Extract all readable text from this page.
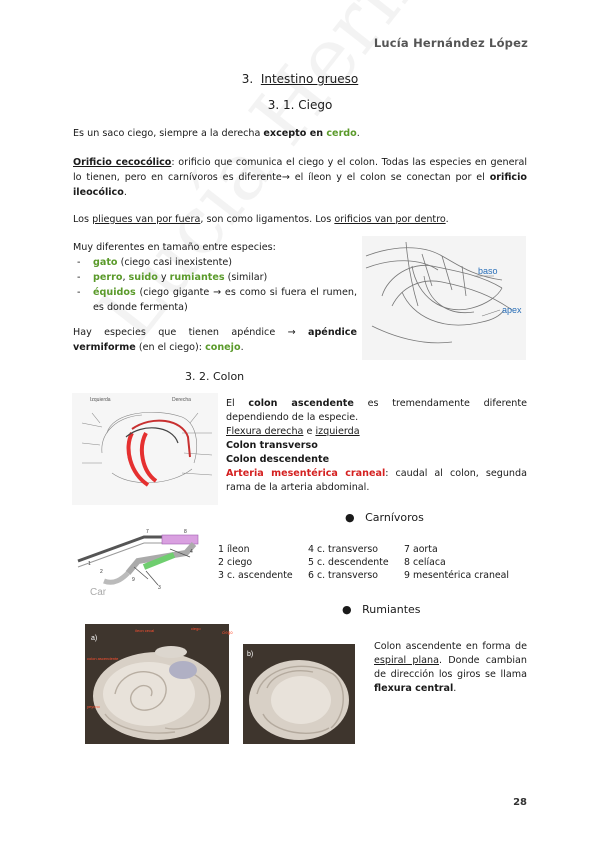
Lucía Hernández López
3. Intestino grueso
3. 1. Ciego
Es un saco ciego, siempre a la derecha excepto en cerdo.
Orificio cecocólico: orificio que comunica el ciego y el colon. Todas las especies en general lo tienen, pero en carnívoros es diferente→ el íleon y el colon se conectan por el orificio ileocólico.
Los pliegues van por fuera, son como ligamentos. Los orificios van por dentro.
Muy diferentes en tamaño entre especies:
- gato (ciego casi inexistente)
- perro, suido y rumiantes (similar)
- équidos (ciego gigante → es como si fuera el rumen, es donde fermenta)
Hay especies que tienen apéndice → apéndice vermiforme (en el ciego): conejo.
baso
apex
3. 2. Colon
Izquierda	Derecha	El colon ascendente es tremendamente diferente dependiendo de la especie.
Flexura derecha e izquierda
Colon transverso
Colon descendente
Arteria mesentérica craneal: caudal al colon, segunda rama de la arteria abdominal.
● Carnívoros
7	8
4
2
1
3
9
Car
1 íleon	4 c. transverso	7 aorta
2 ciego	5 c. descendente	8 celíaca
3 c. ascendente	6 c. transverso	9 mesentérica craneal
● Rumiantes
a)
íleon cecal	ciego
colon ascendente
yeyuno
b)
ciego
Colon ascendente en forma de espiral plana. Donde cambian de dirección los giros se llama flexura central.
28
